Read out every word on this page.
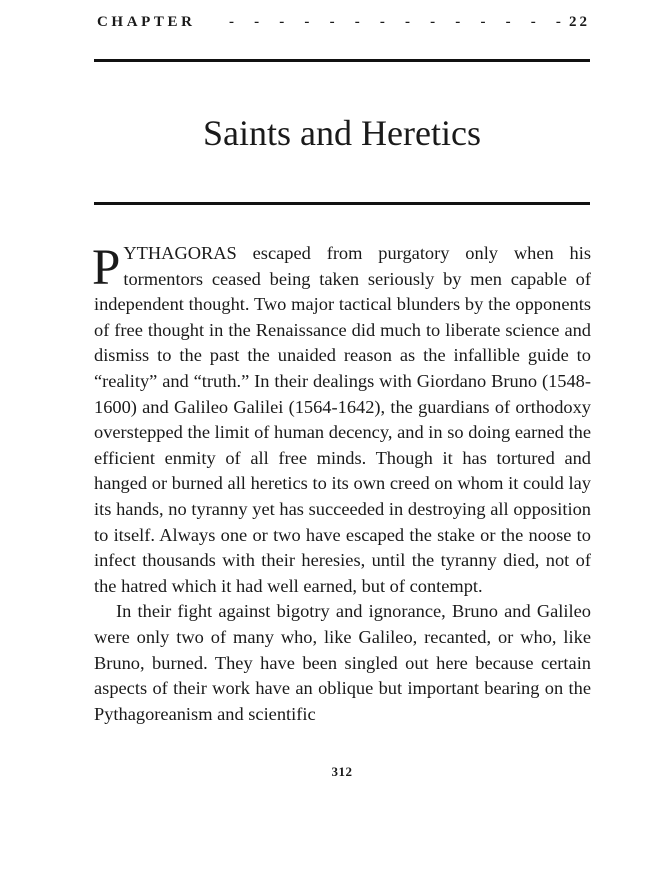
CHAPTER - - - - - - - - - - - - - - 22
Saints and Heretics

PYTHAGORAS escaped from purgatory only when his tormentors ceased being taken seriously by men capable of independent thought. Two major tactical blunders by the opponents of free thought in the Renaissance did much to liberate science and dismiss to the past the unaided reason as the infallible guide to “reality” and “truth.” In their dealings with Giordano Bruno (1548-1600) and Galileo Galilei (1564-1642), the guardians of orthodoxy overstepped the limit of human decency, and in so doing earned the efficient enmity of all free minds. Though it has tortured and hanged or burned all heretics to its own creed on whom it could lay its hands, no tyranny yet has succeeded in destroying all opposition to itself. Always one or two have escaped the stake or the noose to infect thousands with their heresies, until the tyranny died, not of the hatred which it had well earned, but of contempt.

In their fight against bigotry and ignorance, Bruno and Galileo were only two of many who, like Galileo, recanted, or who, like Bruno, burned. They have been singled out here because certain aspects of their work have an oblique but important bearing on the Pythagoreanism and scientific

312
